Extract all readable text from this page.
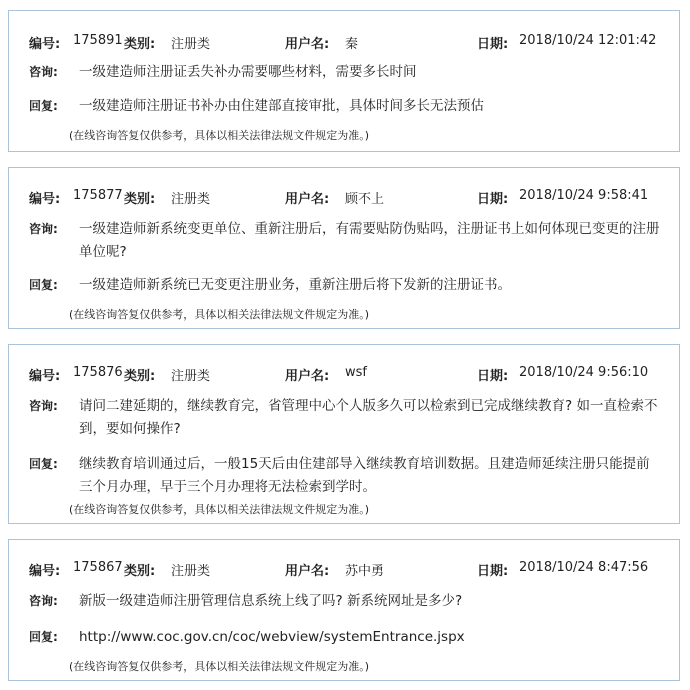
编号: 175891 类别: 注册类	用户名: 秦	日期: 2018/10/24 12:01:42
咨询: 一级建造师注册证丢失补办需要哪些材料，需要多长时间
回复: 一级建造师注册证书补办由住建部直接审批，具体时间多长无法预估
(在线咨询答复仅供参考，具体以相关法律法规文件规定为准。)
编号: 175877 类别: 注册类	用户名: 顾不上	日期: 2018/10/24 9:58:41
咨询: 一级建造师新系统变更单位、重新注册后，有需要贴防伪贴吗，注册证书上如何体现已变更的注册单位呢?
回复: 一级建造师新系统已无变更注册业务，重新注册后将下发新的注册证书。
(在线咨询答复仅供参考，具体以相关法律法规文件规定为准。)
编号: 175876 类别: 注册类	用户名: wsf	日期: 2018/10/24 9:56:10
咨询: 请问二建延期的，继续教育完，省管理中心个人版多久可以检索到已完成继续教育? 如一直检索不到，要如何操作?
回复: 继续教育培训通过后，一般15天后由住建部导入继续教育培训数据。且建造师延续注册只能提前三个月办理，早于三个月办理将无法检索到学时。
(在线咨询答复仅供参考，具体以相关法律法规文件规定为准。)
编号: 175867 类别: 注册类	用户名: 苏中勇	日期: 2018/10/24 8:47:56
咨询: 新版一级建造师注册管理信息系统上线了吗? 新系统网址是多少?
回复: http://www.coc.gov.cn/coc/webview/systemEntrance.jspx
(在线咨询答复仅供参考，具体以相关法律法规文件规定为准。)
